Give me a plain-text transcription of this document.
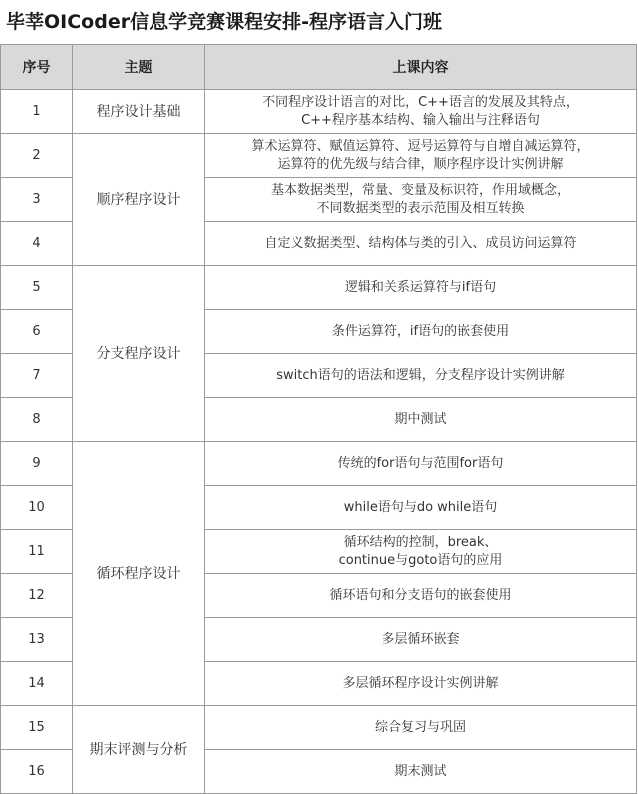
毕莘OICoder信息学竞赛课程安排-程序语言入门班
序号	主题	上课内容
1	程序设计基础	不同程序设计语言的对比，C++语言的发展及其特点，
C++程序基本结构、输入输出与注释语句

2	顺序程序设计	算术运算符、赋值运算符、逗号运算符与自增自减运算符，
运算符的优先级与结合律，顺序程序设计实例讲解

3		基本数据类型，常量、变量及标识符，作用域概念，
不同数据类型的表示范围及相互转换

4		自定义数据类型、结构体与类的引入、成员访问运算符

5	分支程序设计	逻辑和关系运算符与if语句

6		条件运算符，if语句的嵌套使用

7		switch语句的语法和逻辑，分支程序设计实例讲解

8		期中测试

9	循环程序设计	传统的for语句与范围for语句

10		while语句与do while语句

11		循环结构的控制，break、
continue与goto语句的应用

12		循环语句和分支语句的嵌套使用

13		多层循环嵌套

14		多层循环程序设计实例讲解

15	期末评测与分析	综合复习与巩固

16		期末测试
